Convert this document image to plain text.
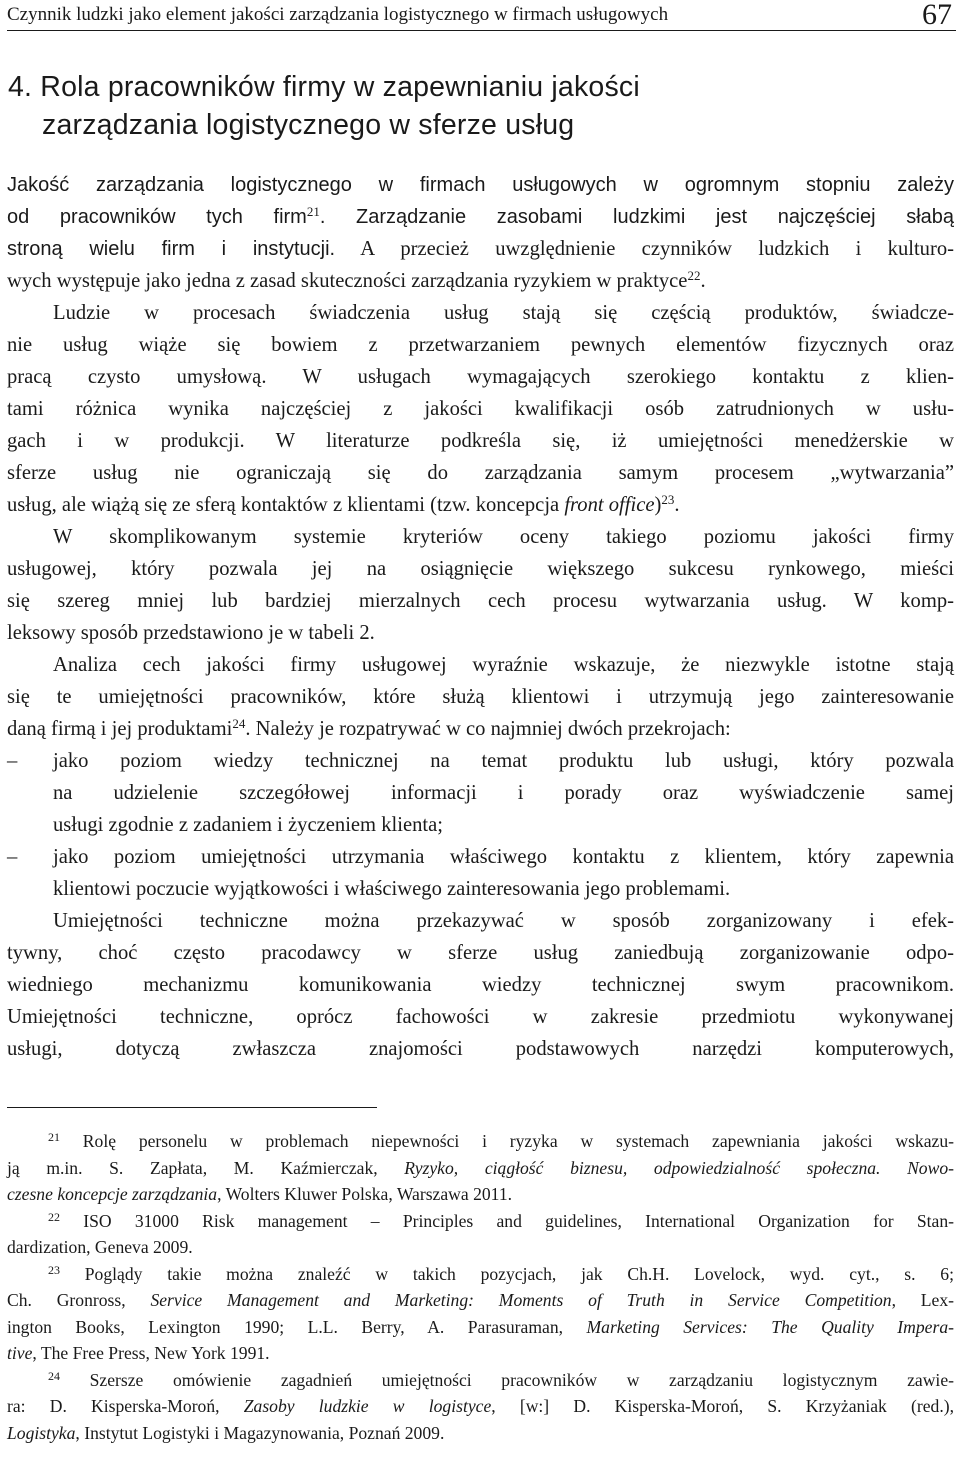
Czynnik ludzki jako element jakości zarządzania logistycznego w firmach usługowych	67
4. Rola pracowników firmy w zapewnianiu jakości
zarządzania logistycznego w sferze usług
Jakość zarządzania logistycznego w firmach usługowych w ogromnym stopniu zależy
od pracowników tych firm$^{21}$. Zarządzanie zasobami ludzkimi jest najczęściej słabą
stroną wielu firm i instytucji. A przecież uwzględnienie czynników ludzkich i kulturo-
wych występuje jako jedna z zasad skuteczności zarządzania ryzykiem w praktyce$^{22}$.
Ludzie w procesach świadczenia usług stają się częścią produktów, świadcze-
nie usług wiąże się bowiem z przetwarzaniem pewnych elementów fizycznych oraz
pracą czysto umysłową. W usługach wymagających szerokiego kontaktu z klien-
tami różnica wynika najczęściej z jakości kwalifikacji osób zatrudnionych w usłu-
gach i w produkcji. W literaturze podkreśla się, iż umiejętności menedżerskie w
sferze usług nie ograniczają się do zarządzania samym procesem „wytwarzania”
usług, ale wiążą się ze sferą kontaktów z klientami (tzw. koncepcja front office)$^{23}$.
W skomplikowanym systemie kryteriów oceny takiego poziomu jakości firmy
usługowej, który pozwala jej na osiągnięcie większego sukcesu rynkowego, mieści
się szereg mniej lub bardziej mierzalnych cech procesu wytwarzania usług. W komp-
leksowy sposób przedstawiono je w tabeli 2.
Analiza cech jakości firmy usługowej wyraźnie wskazuje, że niezwykle istotne stają
się te umiejętności pracowników, które służą klientowi i utrzymują jego zainteresowanie
daną firmą i jej produktami$^{24}$. Należy je rozpatrywać w co najmniej dwóch przekrojach:
– jako poziom wiedzy technicznej na temat produktu lub usługi, który pozwala
na udzielenie szczegółowej informacji i porady oraz wyświadczenie samej
usługi zgodnie z zadaniem i życzeniem klienta;
– jako poziom umiejętności utrzymania właściwego kontaktu z klientem, który zapewnia
klientowi poczucie wyjątkowości i właściwego zainteresowania jego problemami.
Umiejętności techniczne można przekazywać w sposób zorganizowany i efek-
tywny, choć często pracodawcy w sferze usług zaniedbują zorganizowanie odpo-
wiedniego mechanizmu komunikowania wiedzy technicznej swym pracownikom.
Umiejętności techniczne, oprócz fachowości w zakresie przedmiotu wykonywanej
usługi, dotyczą zwłaszcza znajomości podstawowych narzędzi komputerowych,
$^{21}$ Rolę personelu w problemach niepewności i ryzyka w systemach zapewniania jakości wskazu-
ją m.in. S. Zapłata, M. Kaźmierczak, Ryzyko, ciągłość biznesu, odpowiedzialność społeczna. Nowo-
czesne koncepcje zarządzania, Wolters Kluwer Polska, Warszawa 2011.
$^{22}$ ISO 31000 Risk management – Principles and guidelines, International Organization for Stan-
dardization, Geneva 2009.
$^{23}$ Poglądy takie można znaleźć w takich pozycjach, jak Ch.H. Lovelock, wyd. cyt., s. 6;
Ch. Gronross, Service Management and Marketing: Moments of Truth in Service Competition, Lex-
ington Books, Lexington 1990; L.L. Berry, A. Parasuraman, Marketing Services: The Quality Impera-
tive, The Free Press, New York 1991.
$^{24}$ Szersze omówienie zagadnień umiejętności pracowników w zarządzaniu logistycznym zawie-
ra: D. Kisperska-Moroń, Zasoby ludzkie w logistyce, [w:] D. Kisperska-Moroń, S. Krzyżaniak (red.),
Logistyka, Instytut Logistyki i Magazynowania, Poznań 2009.
